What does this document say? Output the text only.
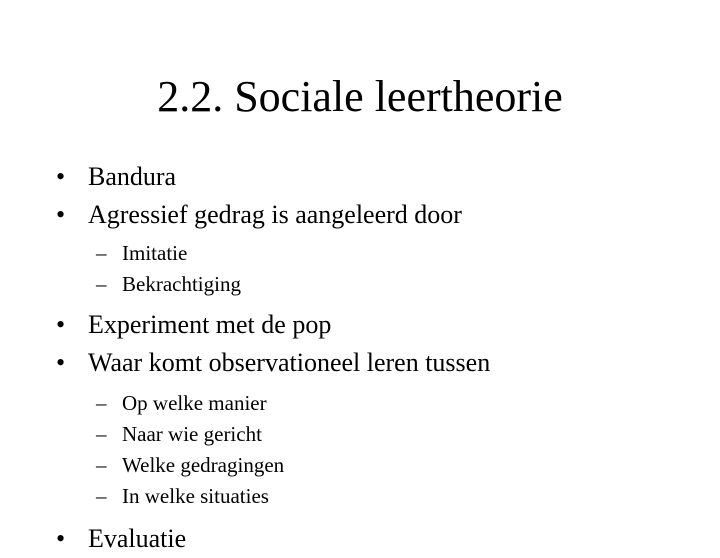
2.2. Sociale leertheorie
• Bandura
• Agressief gedrag is aangeleerd door
– Imitatie
– Bekrachtiging
• Experiment met de pop
• Waar komt observationeel leren tussen
– Op welke manier
– Naar wie gericht
– Welke gedragingen
– In welke situaties
• Evaluatie
